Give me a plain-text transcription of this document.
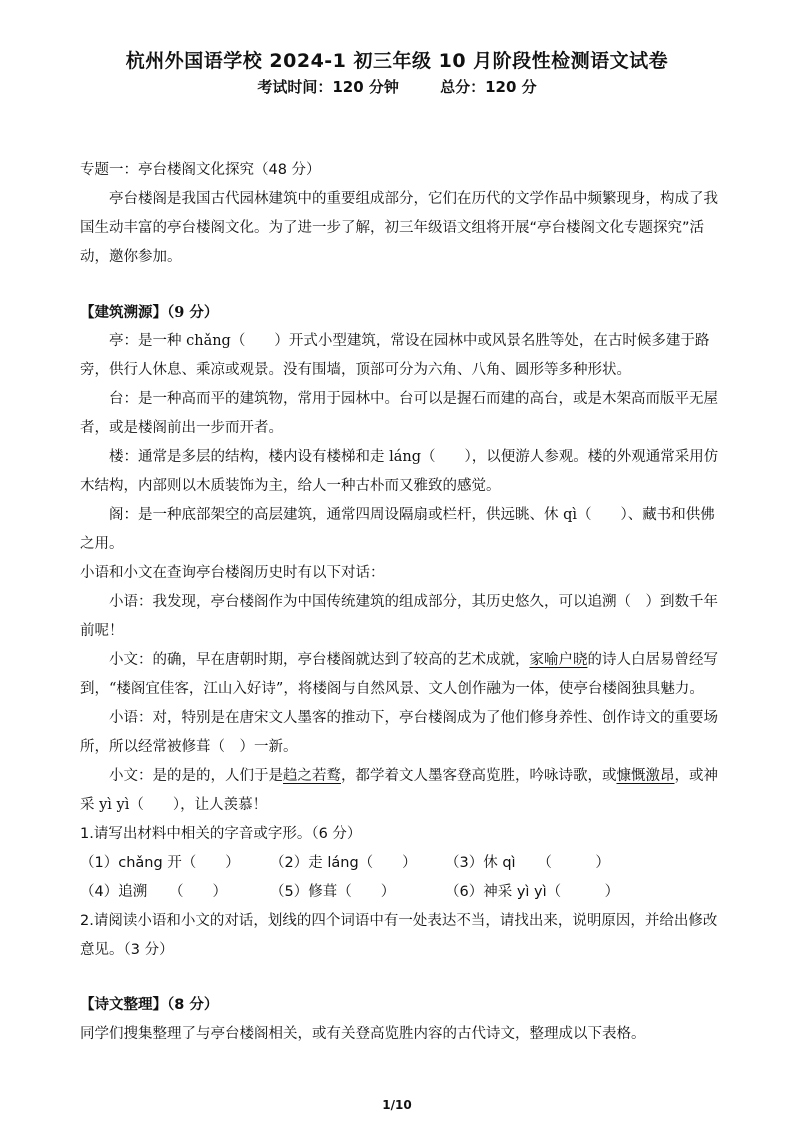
杭州外国语学校 2024-1 初三年级 10 月阶段性检测语文试卷
考试时间：120 分钟	总分：120 分

专题一：亭台楼阁文化探究（48 分）

亭台楼阁是我国古代园林建筑中的重要组成部分，它们在历代的文学作品中频繁现身，构成了我国生动丰富的亭台楼阁文化。为了进一步了解，初三年级语文组将开展“亭台楼阁文化专题探究”活动，邀你参加。

【建筑溯源】（9 分）

亭：是一种 chǎng（　　）开式小型建筑，常设在园林中或风景名胜等处，在古时候多建于路旁，供行人休息、乘凉或观景。没有围墙，顶部可分为六角、八角、圆形等多种形状。

台：是一种高而平的建筑物，常用于园林中。台可以是握石而建的高台，或是木架高而版平无屋者，或是楼阁前出一步而开者。

楼：通常是多层的结构，楼内设有楼梯和走 láng（　　），以便游人参观。楼的外观通常采用仿木结构，内部则以木质装饰为主，给人一种古朴而又雅致的感觉。

阁：是一种底部架空的高层建筑，通常四周设隔扇或栏杆，供远眺、休 qì（　　）、藏书和供佛之用。

小语和小文在查询亭台楼阁历史时有以下对话：

小语：我发现，亭台楼阁作为中国传统建筑的组成部分，其历史悠久，可以追溯（　）到数千年前呢！

小文：的确，早在唐朝时期，亭台楼阁就达到了较高的艺术成就，家喻户晓的诗人白居易曾经写到，“楼阁宜佳客，江山入好诗”，将楼阁与自然风景、文人创作融为一体，使亭台楼阁独具魅力。

小语：对，特别是在唐宋文人墨客的推动下，亭台楼阁成为了他们修身养性、创作诗文的重要场所，所以经常被修葺（　）一新。

小文：是的是的，人们于是趋之若鹜，都学着文人墨客登高览胜，吟咏诗歌，或慷慨激昂，或神采 yì yì（　　），让人羡慕！

1.请写出材料中相关的字音或字形。（6 分）

（1）chǎng 开（　　）	（2）走 láng（　　）	（3）休 qì　　（　　　）
（4）追溯　　（　　）	（5）修葺（　　）	（6）神采 yì yì（　　　）

2.请阅读小语和小文的对话，划线的四个词语中有一处表达不当，请找出来，说明原因，并给出修改意见。（3 分）

【诗文整理】（8 分）

同学们搜集整理了与亭台楼阁相关，或有关登高览胜内容的古代诗文，整理成以下表格。

1/10
